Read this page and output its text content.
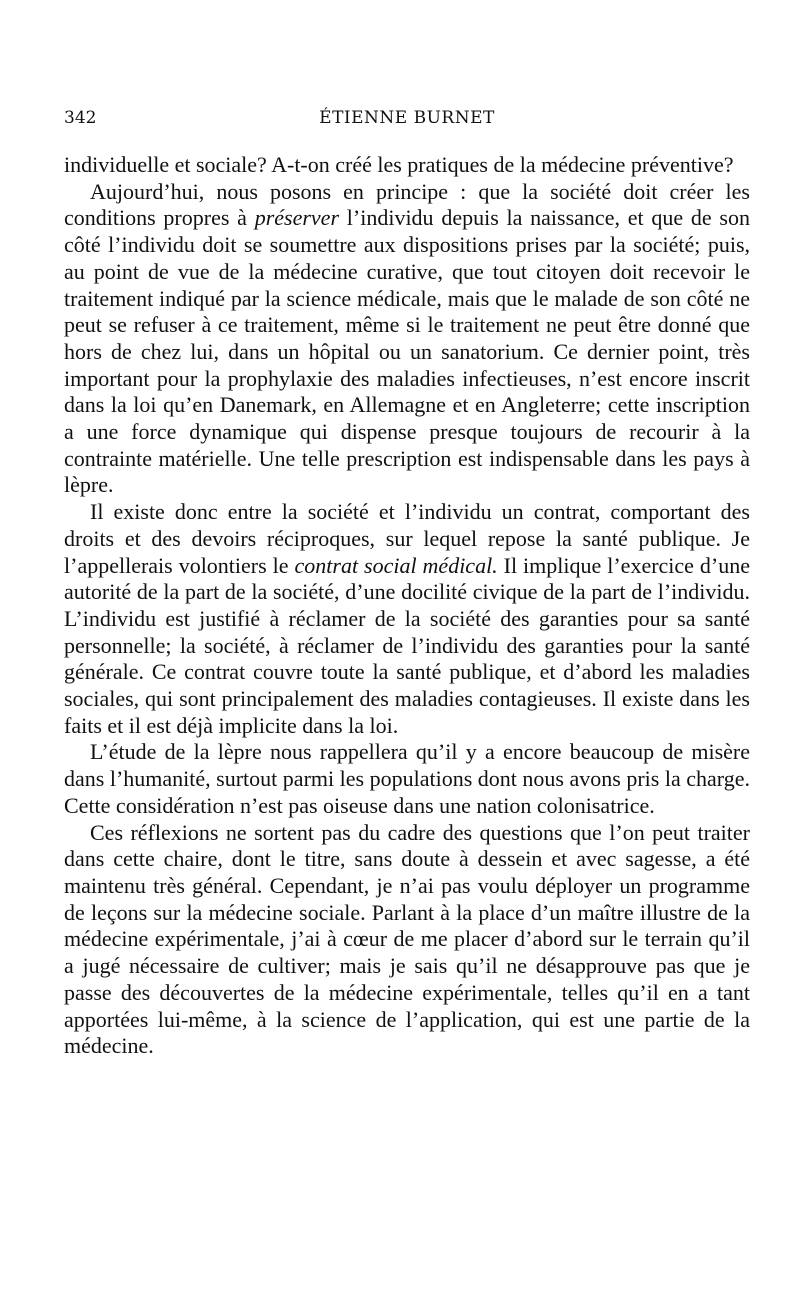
342	ÉTIENNE BURNET

individuelle et sociale? A-t-on créé les pratiques de la médecine préventive?

Aujourd’hui, nous posons en principe : que la société doit créer les conditions propres à préserver l’individu depuis la naissance, et que de son côté l’individu doit se soumettre aux dispositions prises par la société; puis, au point de vue de la médecine curative, que tout citoyen doit recevoir le traitement indiqué par la science médicale, mais que le malade de son côté ne peut se refuser à ce traitement, même si le traitement ne peut être donné que hors de chez lui, dans un hôpital ou un sanatorium. Ce dernier point, très important pour la prophylaxie des maladies infectieuses, n’est encore inscrit dans la loi qu’en Danemark, en Allemagne et en Angleterre; cette inscription a une force dynamique qui dispense presque toujours de recourir à la contrainte matérielle. Une telle prescription est indispensable dans les pays à lèpre.

Il existe donc entre la société et l’individu un contrat, comportant des droits et des devoirs réciproques, sur lequel repose la santé publique. Je l’appellerais volontiers le contrat social médical. Il implique l’exercice d’une autorité de la part de la société, d’une docilité civique de la part de l’individu. L’individu est justifié à réclamer de la société des garanties pour sa santé personnelle; la société, à réclamer de l’individu des garanties pour la santé générale. Ce contrat couvre toute la santé publique, et d’abord les maladies sociales, qui sont principalement des maladies contagieuses. Il existe dans les faits et il est déjà implicite dans la loi.

L’étude de la lèpre nous rappellera qu’il y a encore beaucoup de misère dans l’humanité, surtout parmi les populations dont nous avons pris la charge. Cette considération n’est pas oiseuse dans une nation colonisatrice.

Ces réflexions ne sortent pas du cadre des questions que l’on peut traiter dans cette chaire, dont le titre, sans doute à dessein et avec sagesse, a été maintenu très général. Cependant, je n’ai pas voulu déployer un programme de leçons sur la médecine sociale. Parlant à la place d’un maître illustre de la médecine expérimentale, j’ai à cœur de me placer d’abord sur le terrain qu’il a jugé nécessaire de cultiver; mais je sais qu’il ne désapprouve pas que je passe des découvertes de la médecine expérimentale, telles qu’il en a tant apportées lui-même, à la science de l’application, qui est une partie de la médecine.
